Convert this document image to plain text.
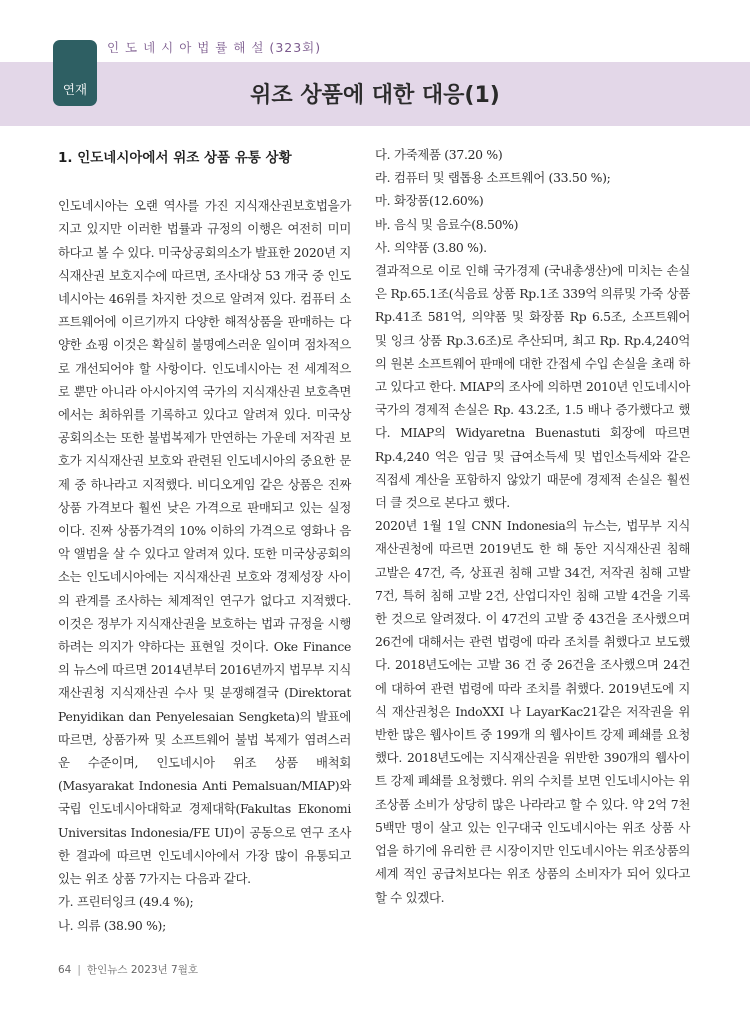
인 도 네 시 아 법 률 해 설 (323회)
연재	위조 상품에 대한 대응(1)

1. 인도네시아에서 위조 상품 유통 상황

인도네시아는 오랜 역사를 가진 지식재산권보호법을가지고 있지만 이러한 법률과 규정의 이행은 여전히 미미하다고 볼 수 있다. 미국상공회의소가 발표한 2020년 지식재산권 보호지수에 따르면, 조사대상 53 개국 중 인도네시아는 46위를 차지한 것으로 알려져 있다. 컴퓨터 소프트웨어에 이르기까지 다양한 해적상품을 판매하는 다양한 쇼핑 이것은 확실히 불명예스러운 일이며 점차적으로 개선되어야 할 사항이다. 인도네시아는 전 세계적으로 뿐만 아니라 아시아지역 국가의 지식재산권 보호측면에서는 최하위를 기록하고 있다고 알려져 있다. 미국상공회의소는 또한 불법복제가 만연하는 가운데 저작권 보호가 지식재산권 보호와 관련된 인도네시아의 중요한 문제 중 하나라고 지적했다. 비디오게임 같은 상품은 진짜 상품 가격보다 훨씬 낮은 가격으로 판매되고 있는 실정이다. 진짜 상품가격의 10% 이하의 가격으로 영화나 음악 앨범을 살 수 있다고 알려져 있다. 또한 미국상공회의소는 인도네시아에는 지식재산권 보호와 경제성장 사이의 관계를 조사하는 체계적인 연구가 없다고 지적했다. 이것은 정부가 지식재산권을 보호하는 법과 규정을 시행하려는 의지가 약하다는 표현일 것이다. Oke Finance의 뉴스에 따르면 2014년부터 2016년까지 법무부 지식재산권청 지식재산권 수사 및 분쟁해결국 (Direktorat Penyidikan dan Penyelesaian Sengketa)의 발표에 따르면, 상품가짜 및 소프트웨어 불법 복제가 염려스러운 수준이며, 인도네시아 위조 상품 배척회(Masyarakat Indonesia Anti Pemalsuan/MIAP)와 국립 인도네시아대학교 경제대학(Fakultas Ekonomi Universitas Indonesia/FE UI)이 공동으로 연구 조사한 결과에 따르면 인도네시아에서 가장 많이 유통되고 있는 위조 상품 7가지는 다음과 같다.

가. 프린터잉크 (49.4 %);

나. 의류 (38.90 %);

다. 가죽제품 (37.20 %)

라. 컴퓨터 및 랩톱용 소프트웨어 (33.50 %);

마. 화장품(12.60%)

바. 음식 및 음료수(8.50%)

사. 의약품 (3.80 %).

결과적으로 이로 인해 국가경제 (국내총생산)에 미치는 손실은 Rp.65.1조(식음료 상품 Rp.1조 339억 의류및 가죽 상품 Rp.41조 581억, 의약품 및 화장품 Rp 6.5조, 소프트웨어 및 잉크 상품 Rp.3.6조)로 추산되며, 최고 Rp. Rp.4,240억의 원본 소프트웨어 판매에 대한 간접세 수입 손실을 초래 하고 있다고 한다. MIAP의 조사에 의하면 2010년 인도네시아 국가의 경제적 손실은 Rp. 43.2조, 1.5 배나 증가했다고 했다. MIAP의 Widyaretna Buenastuti 회장에 따르면 Rp.4,240 억은 임금 및 급여소득세 및 법인소득세와 같은 직접세 계산을 포함하지 않았기 때문에 경제적 손실은 훨씬 더 클 것으로 본다고 했다.

2020년 1월 1일 CNN Indonesia의 뉴스는, 법무부 지식재산권청에 따르면 2019년도 한 해 동안 지식재산권 침해 고발은 47건, 즉, 상표권 침해 고발 34건, 저작권 침해 고발 7건, 특허 침해 고발 2건, 산업디자인 침해 고발 4건을 기록한 것으로 알려졌다. 이 47건의 고발 중 43건을 조사했으며 26건에 대해서는 관련 법령에 따라 조치를 취했다고 보도했다. 2018년도에는 고발 36 건 중 26건을 조사했으며 24건에 대하여 관련 법령에 따라 조치를 취했다. 2019년도에 지식 재산권청은 IndoXXI 나 LayarKac21같은 저작권을 위반한 많은 웹사이트 중 199개 의 웹사이트 강제 폐쇄를 요청했다. 2018년도에는 지식재산권을 위반한 390개의 웹사이트 강제 폐쇄를 요청했다. 위의 수치를 보면 인도네시아는 위조상품 소비가 상당히 많은 나라라고 할 수 있다. 약 2억 7천 5백만 명이 살고 있는 인구대국 인도네시아는 위조 상품 사업을 하기에 유리한 큰 시장이지만 인도네시아는 위조상품의 세계 적인 공급처보다는 위조 상품의 소비자가 되어 있다고 할 수 있겠다.

64 | 한인뉴스 2023년 7월호
